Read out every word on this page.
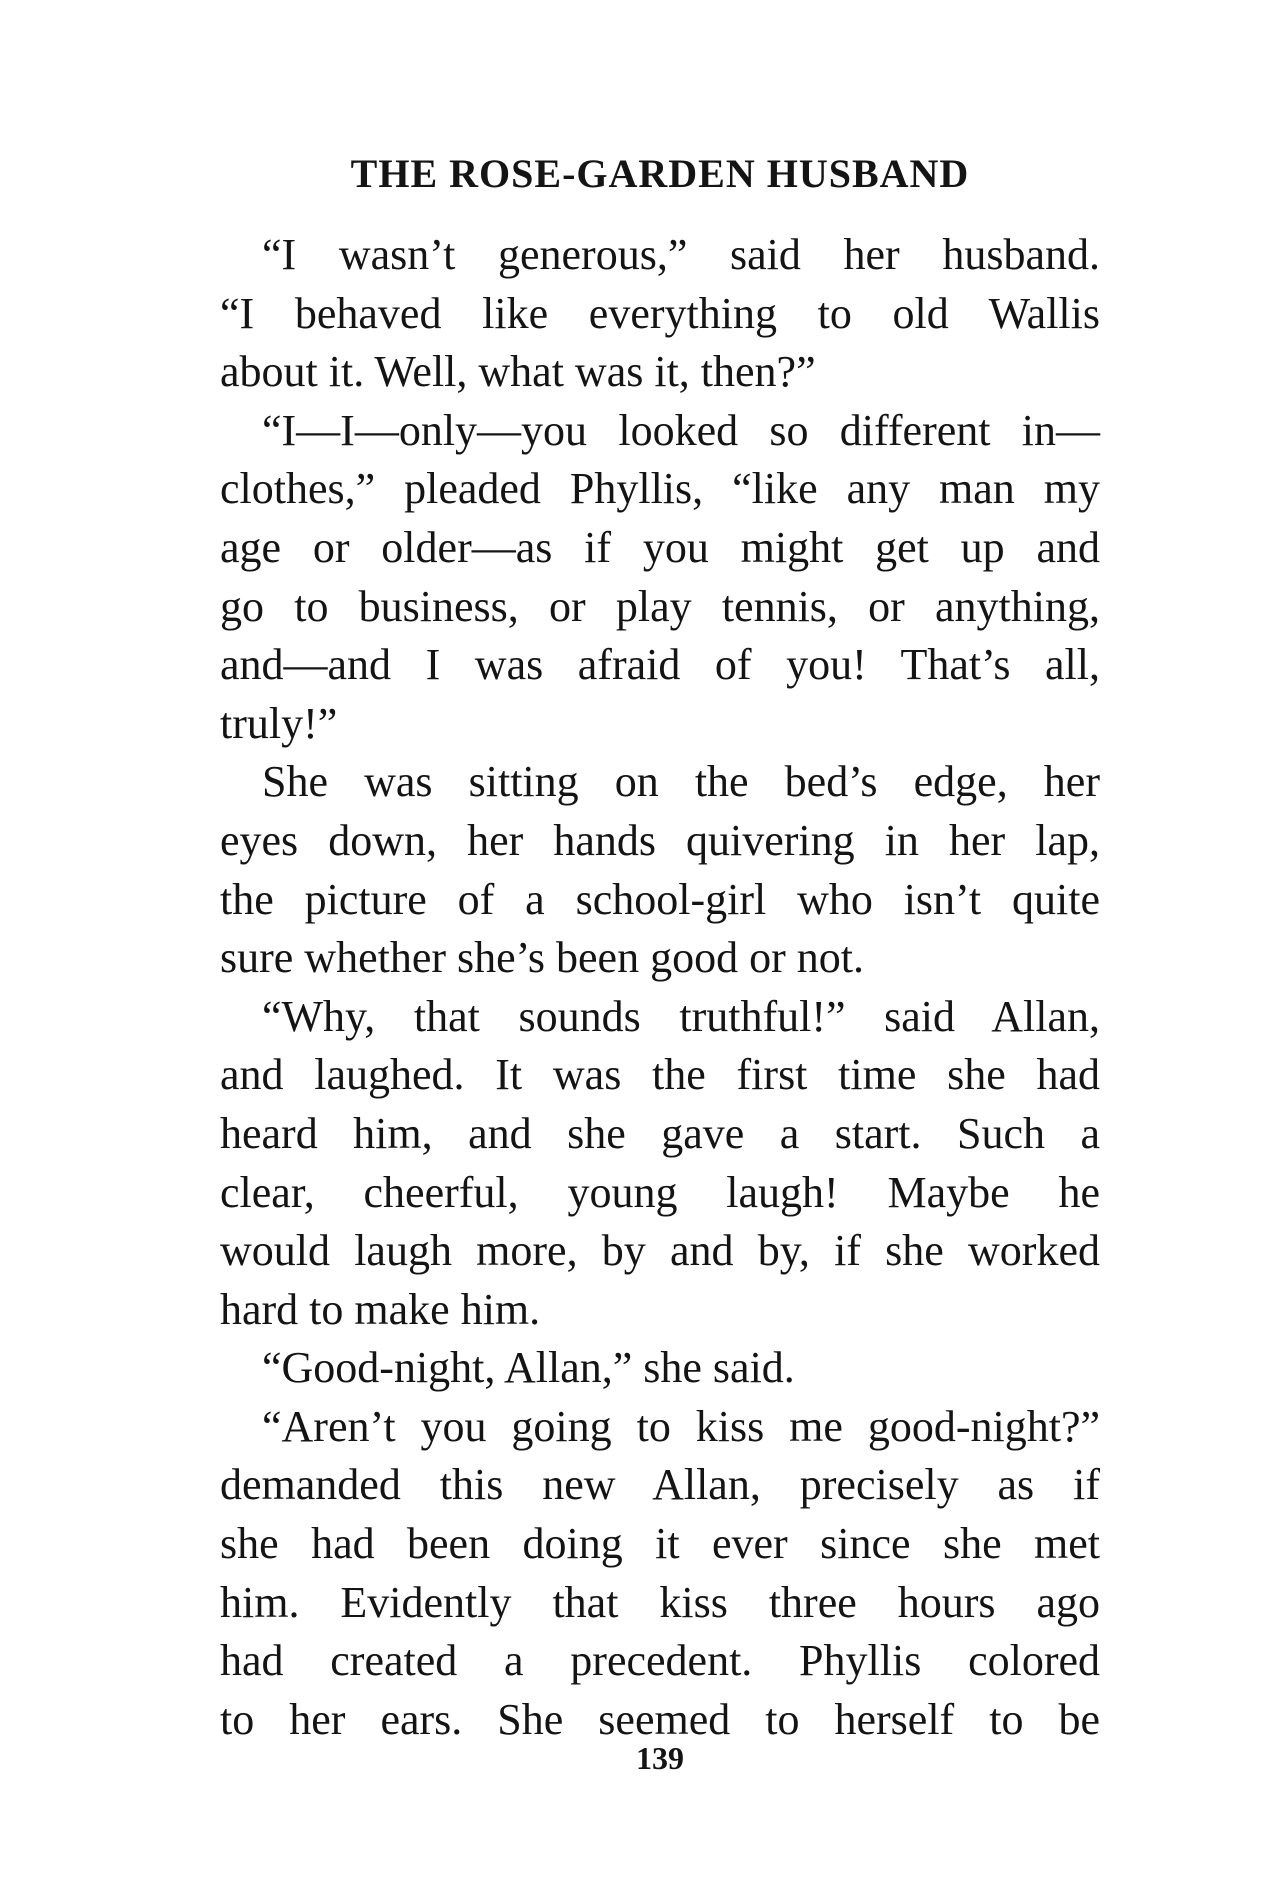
THE ROSE-GARDEN HUSBAND
“I wasn’t generous,” said her husband.
“I behaved like everything to old Wallis
about it. Well, what was it, then?”
“I—I—only—you looked so different in—
clothes,” pleaded Phyllis, “like any man my
age or older—as if you might get up and
go to business, or play tennis, or anything,
and—and I was afraid of you! That’s all,
truly!”
She was sitting on the bed’s edge, her
eyes down, her hands quivering in her lap,
the picture of a school-girl who isn’t quite
sure whether she’s been good or not.
“Why, that sounds truthful!” said Allan,
and laughed. It was the first time she had
heard him, and she gave a start. Such a
clear, cheerful, young laugh! Maybe he
would laugh more, by and by, if she worked
hard to make him.
“Good-night, Allan,” she said.
“Aren’t you going to kiss me good-night?”
demanded this new Allan, precisely as if
she had been doing it ever since she met
him. Evidently that kiss three hours ago
had created a precedent. Phyllis colored
to her ears. She seemed to herself to be
139
